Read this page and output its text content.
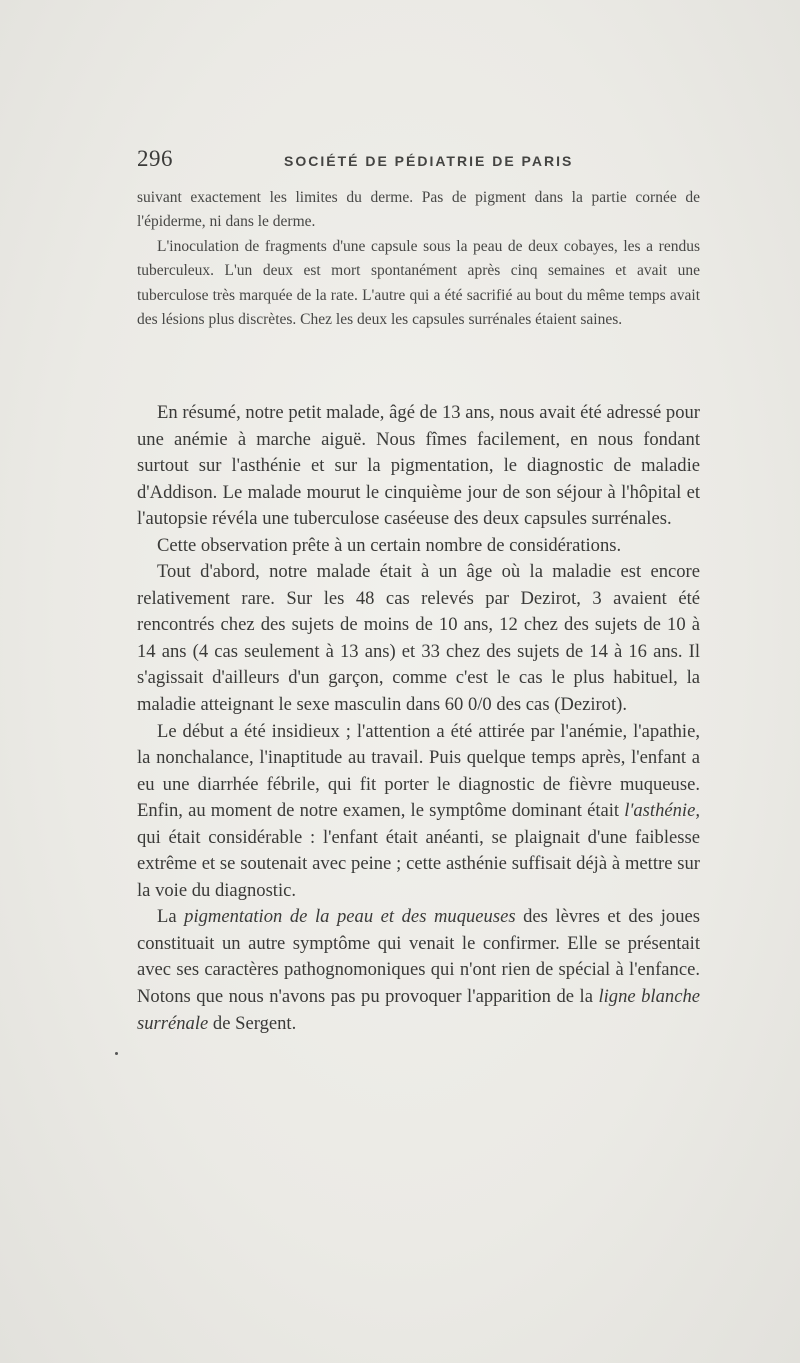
296	SOCIÉTÉ DE PÉDIATRIE DE PARIS

suivant exactement les limites du derme. Pas de pigment dans la partie cornée de l'épiderme, ni dans le derme.

L'inoculation de fragments d'une capsule sous la peau de deux cobayes, les a rendus tuberculeux. L'un deux est mort spontanément après cinq semaines et avait une tuberculose très marquée de la rate. L'autre qui a été sacrifié au bout du même temps avait des lésions plus discrètes. Chez les deux les capsules surrénales étaient saines.

En résumé, notre petit malade, âgé de 13 ans, nous avait été adressé pour une anémie à marche aiguë. Nous fîmes facilement, en nous fondant surtout sur l'asthénie et sur la pigmentation, le diagnostic de maladie d'Addison. Le malade mourut le cinquième jour de son séjour à l'hôpital et l'autopsie révéla une tuberculose caséeuse des deux capsules surrénales.

Cette observation prête à un certain nombre de considérations.

Tout d'abord, notre malade était à un âge où la maladie est encore relativement rare. Sur les 48 cas relevés par Dezirot, 3 avaient été rencontrés chez des sujets de moins de 10 ans, 12 chez des sujets de 10 à 14 ans (4 cas seulement à 13 ans) et 33 chez des sujets de 14 à 16 ans. Il s'agissait d'ailleurs d'un garçon, comme c'est le cas le plus habituel, la maladie atteignant le sexe masculin dans 60 0/0 des cas (Dezirot).

Le début a été insidieux ; l'attention a été attirée par l'anémie, l'apathie, la nonchalance, l'inaptitude au travail. Puis quelque temps après, l'enfant a eu une diarrhée fébrile, qui fit porter le diagnostic de fièvre muqueuse. Enfin, au moment de notre examen, le symptôme dominant était l'asthénie, qui était considérable : l'enfant était anéanti, se plaignait d'une faiblesse extrême et se soutenait avec peine ; cette asthénie suffisait déjà à mettre sur la voie du diagnostic.

La pigmentation de la peau et des muqueuses des lèvres et des joues constituait un autre symptôme qui venait le confirmer. Elle se présentait avec ses caractères pathognomoniques qui n'ont rien de spécial à l'enfance. Notons que nous n'avons pas pu provoquer l'apparition de la ligne blanche surrénale de Sergent.
